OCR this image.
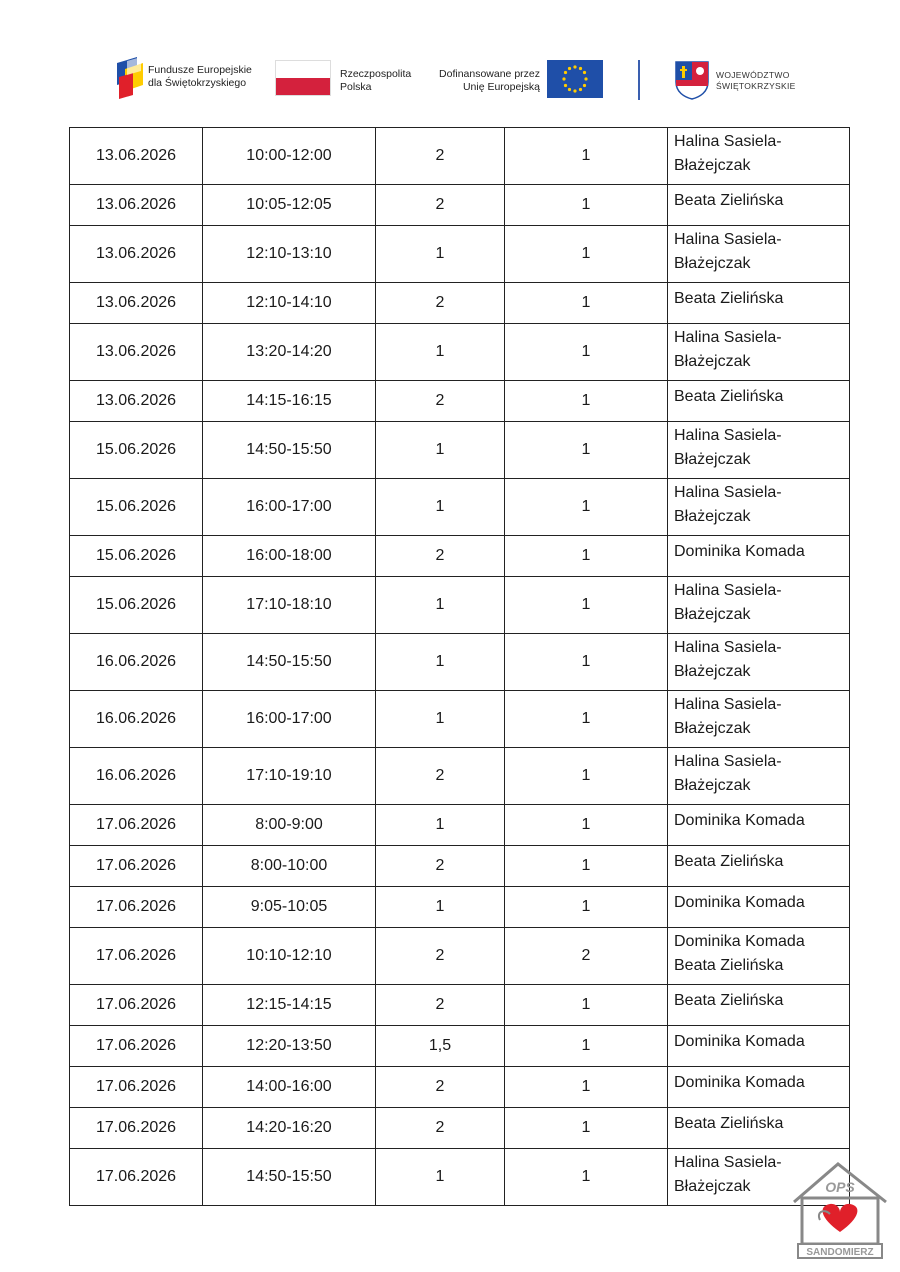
Fundusze Europejskie
dla Świętokrzyskiego
Rzeczpospolita
Polska
Dofinansowane przez
Unię Europejską
WOJEWÓDZTWO
ŚWIĘTOKRZYSKIE
13.06.2026	10:00-12:00	2	1	Halina Sasiela-
Błażejczak

13.06.2026	10:05-12:05	2	1	Beata Zielińska

13.06.2026	12:10-13:10	1	1	Halina Sasiela-
Błażejczak

13.06.2026	12:10-14:10	2	1	Beata Zielińska

13.06.2026	13:20-14:20	1	1	Halina Sasiela-
Błażejczak

13.06.2026	14:15-16:15	2	1	Beata Zielińska

15.06.2026	14:50-15:50	1	1	Halina Sasiela-
Błażejczak

15.06.2026	16:00-17:00	1	1	Halina Sasiela-
Błażejczak

15.06.2026	16:00-18:00	2	1	Dominika Komada

15.06.2026	17:10-18:10	1	1	Halina Sasiela-
Błażejczak

16.06.2026	14:50-15:50	1	1	Halina Sasiela-
Błażejczak

16.06.2026	16:00-17:00	1	1	Halina Sasiela-
Błażejczak

16.06.2026	17:10-19:10	2	1	Halina Sasiela-
Błażejczak

17.06.2026	8:00-9:00	1	1	Dominika Komada

17.06.2026	8:00-10:00	2	1	Beata Zielińska

17.06.2026	9:05-10:05	1	1	Dominika Komada

17.06.2026	10:10-12:10	2	2	Dominika Komada
Beata Zielińska

17.06.2026	12:15-14:15	2	1	Beata Zielińska

17.06.2026	12:20-13:50	1,5	1	Dominika Komada

17.06.2026	14:00-16:00	2	1	Dominika Komada

17.06.2026	14:20-16:20	2	1	Beata Zielińska

17.06.2026	14:50-15:50	1	1	Halina Sasiela-
Błażejczak	OPS
SANDOMIERZ
